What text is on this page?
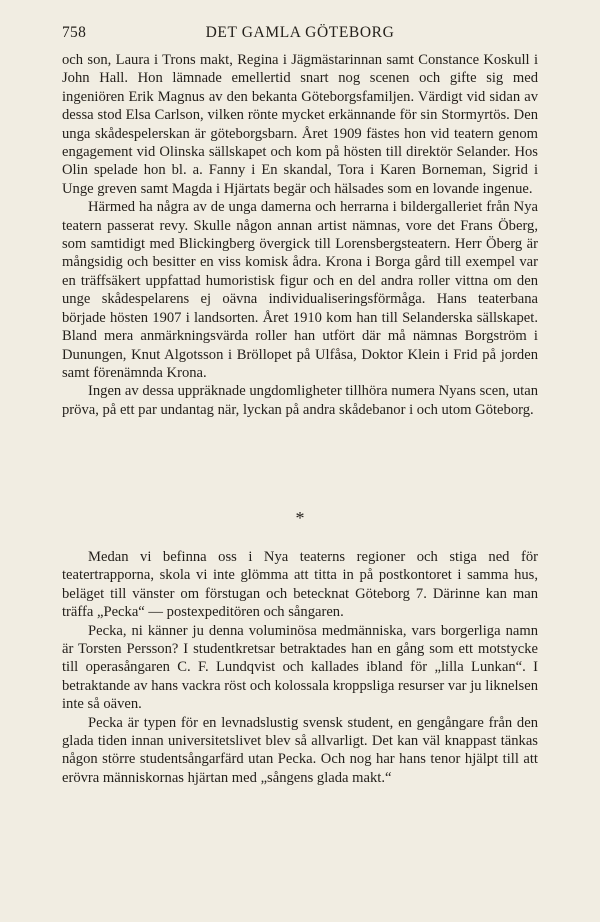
758	DET GAMLA GÖTEBORG

och son, Laura i Trons makt, Regina i Jägmästarinnan samt Constance Koskull i John Hall. Hon lämnade emellertid snart nog scenen och gifte sig med ingeniören Erik Magnus av den bekanta Göteborgsfamiljen. Värdigt vid sidan av dessa stod Elsa Carlson, vilken rönte mycket erkännande för sin Stormyrtös. Den unga skådespelerskan är göteborgsbarn. Året 1909 fästes hon vid teatern genom engagement vid Olinska sällskapet och kom på hösten till direktör Selander. Hos Olin spelade hon bl. a. Fanny i En skandal, Tora i Karen Borneman, Sigrid i Unge greven samt Magda i Hjärtats begär och hälsades som en lovande ingenue.

Härmed ha några av de unga damerna och herrarna i bildergalleriet från Nya teatern passerat revy. Skulle någon annan artist nämnas, vore det Frans Öberg, som samtidigt med Blickingberg övergick till Lorensbergsteatern. Herr Öberg är mångsidig och besitter en viss komisk ådra. Krona i Borga gård till exempel var en träffsäkert uppfattad humoristisk figur och en del andra roller vittna om den unge skådespelarens ej oävna individualiseringsförmåga. Hans teaterbana började hösten 1907 i landsorten. Året 1910 kom han till Selanderska sällskapet. Bland mera anmärkningsvärda roller han utfört där må nämnas Borgström i Dunungen, Knut Algotsson i Bröllopet på Ulfåsa, Doktor Klein i Frid på jorden samt förenämnda Krona.

Ingen av dessa uppräknade ungdomligheter tillhöra numera Nyans scen, utan pröva, på ett par undantag när, lyckan på andra skådebanor i och utom Göteborg.

*

Medan vi befinna oss i Nya teaterns regioner och stiga ned för teatertrapporna, skola vi inte glömma att titta in på postkontoret i samma hus, beläget till vänster om förstugan och betecknat Göteborg 7. Därinne kan man träffa „Pecka“ — postexpeditören och sångaren.

Pecka, ni känner ju denna voluminösa medmänniska, vars borgerliga namn är Torsten Persson? I studentkretsar betraktades han en gång som ett motstycke till operasångaren C. F. Lundqvist och kallades ibland för „lilla Lunkan“. I betraktande av hans vackra röst och kolossala kroppsliga resurser var ju liknelsen inte så oäven.

Pecka är typen för en levnadslustig svensk student, en gengångare från den glada tiden innan universitetslivet blev så allvarligt. Det kan väl knappast tänkas någon större studentsångarfärd utan Pecka. Och nog har hans tenor hjälpt till att erövra människornas hjärtan med „sångens glada makt.“
